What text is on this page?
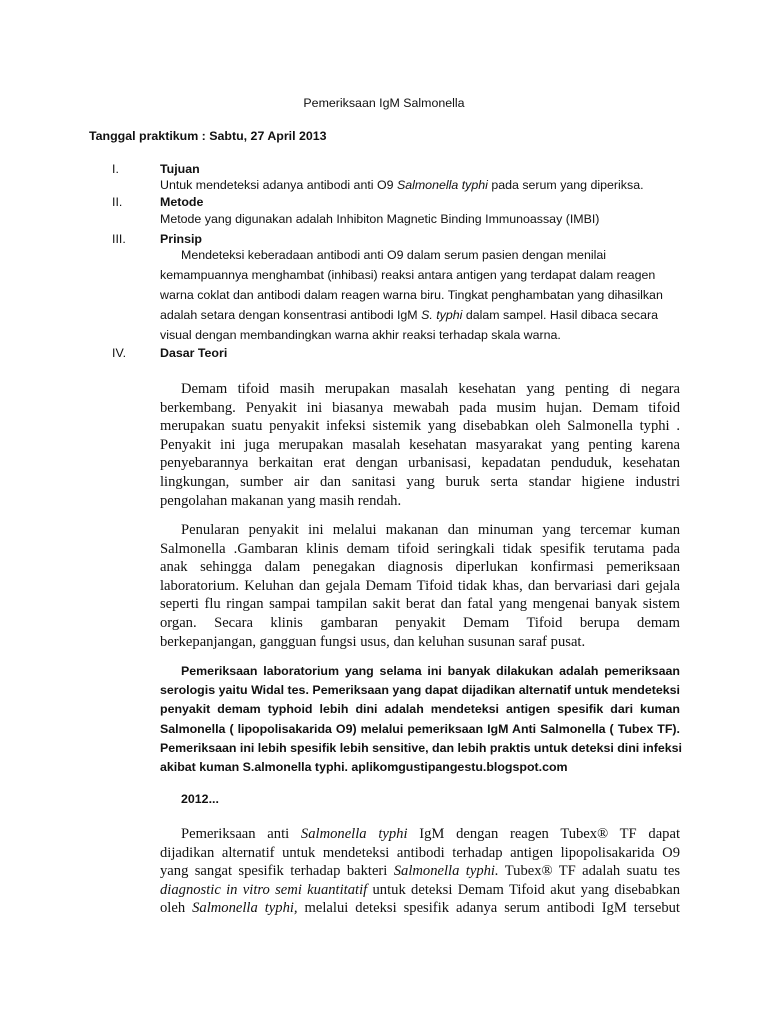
Pemeriksaan IgM Salmonella
Tanggal praktikum : Sabtu, 27 April 2013
I.	Tujuan
Untuk mendeteksi adanya antibodi anti O9 Salmonella typhi pada serum yang diperiksa.
II.	Metode
Metode yang digunakan adalah Inhibiton Magnetic Binding Immunoassay (IMBI)
III.	Prinsip
Mendeteksi keberadaan antibodi anti O9 dalam serum pasien dengan menilai
kemampuannya menghambat (inhibasi) reaksi antara antigen yang terdapat dalam reagen
warna coklat dan antibodi dalam reagen warna biru. Tingkat penghambatan yang dihasilkan
adalah setara dengan konsentrasi antibodi IgM S. typhi dalam sampel. Hasil dibaca secara
visual dengan membandingkan warna akhir reaksi terhadap skala warna.
IV.	Dasar Teori
Demam tifoid masih merupakan masalah kesehatan yang penting di negara
berkembang. Penyakit ini biasanya mewabah pada musim hujan. Demam tifoid
merupakan suatu penyakit infeksi sistemik yang disebabkan oleh Salmonella typhi .
Penyakit ini juga merupakan masalah kesehatan masyarakat yang penting karena
penyebarannya berkaitan erat dengan urbanisasi, kepadatan penduduk, kesehatan
lingkungan, sumber air dan sanitasi yang buruk serta standar higiene industri
pengolahan makanan yang masih rendah.
Penularan penyakit ini melalui makanan dan minuman yang tercemar kuman
Salmonella .Gambaran klinis demam tifoid seringkali tidak spesifik terutama pada
anak sehingga dalam penegakan diagnosis diperlukan konfirmasi pemeriksaan
laboratorium. Keluhan dan gejala Demam Tifoid tidak khas, dan bervariasi dari gejala
seperti flu ringan sampai tampilan sakit berat dan fatal yang mengenai banyak sistem
organ. Secara klinis gambaran penyakit Demam Tifoid berupa demam
berkepanjangan, gangguan fungsi usus, dan keluhan susunan saraf pusat.
Pemeriksaan laboratorium yang selama ini banyak dilakukan adalah pemeriksaan
serologis yaitu Widal tes. Pemeriksaan yang dapat dijadikan alternatif untuk mendeteksi
penyakit demam typhoid lebih dini adalah mendeteksi antigen spesifik dari kuman
Salmonella ( lipopolisakarida O9) melalui pemeriksaan IgM Anti Salmonella ( Tubex TF).
Pemeriksaan ini lebih spesifik lebih sensitive, dan lebih praktis untuk deteksi dini infeksi
akibat kuman S.almonella typhi. aplikomgustipangestu.blogspot.com
2012...
Pemeriksaan anti Salmonella typhi IgM dengan reagen Tubex® TF dapat
dijadikan alternatif untuk mendeteksi antibodi terhadap antigen lipopolisakarida O9
yang sangat spesifik terhadap bakteri Salmonella typhi. Tubex® TF adalah suatu tes
diagnostic in vitro semi kuantitatif untuk deteksi Demam Tifoid akut yang disebabkan
oleh Salmonella typhi, melalui deteksi spesifik adanya serum antibodi IgM tersebut
